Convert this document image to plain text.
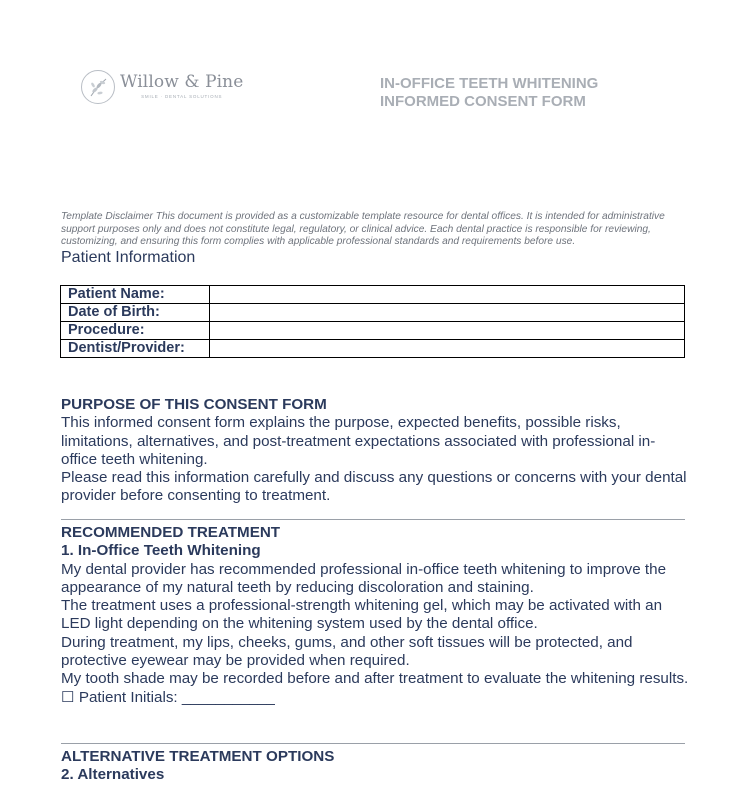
Willow & Pine
SMILE · DENTAL SOLUTIONS
IN-OFFICE TEETH WHITENING
INFORMED CONSENT FORM
Template Disclaimer This document is provided as a customizable template resource for dental offices. It is intended for administrative support purposes only and does not constitute legal, regulatory, or clinical advice. Each dental practice is responsible for reviewing, customizing, and ensuring this form complies with applicable professional standards and requirements before use.
Patient Information
Patient Name:	
Date of Birth:	
Procedure:	
Dentist/Provider:	
PURPOSE OF THIS CONSENT FORM

This informed consent form explains the purpose, expected benefits, possible risks, limitations, alternatives, and post-treatment expectations associated with professional in-office teeth whitening.

Please read this information carefully and discuss any questions or concerns with your dental provider before consenting to treatment.

RECOMMENDED TREATMENT
1. In-Office Teeth Whitening

My dental provider has recommended professional in-office teeth whitening to improve the appearance of my natural teeth by reducing discoloration and staining.

The treatment uses a professional-strength whitening gel, which may be activated with an LED light depending on the whitening system used by the dental office.

During treatment, my lips, cheeks, gums, and other soft tissues will be protected, and protective eyewear may be provided when required.

My tooth shade may be recorded before and after treatment to evaluate the whitening results.

☐ Patient Initials: ___________
ALTERNATIVE TREATMENT OPTIONS
2. Alternatives
